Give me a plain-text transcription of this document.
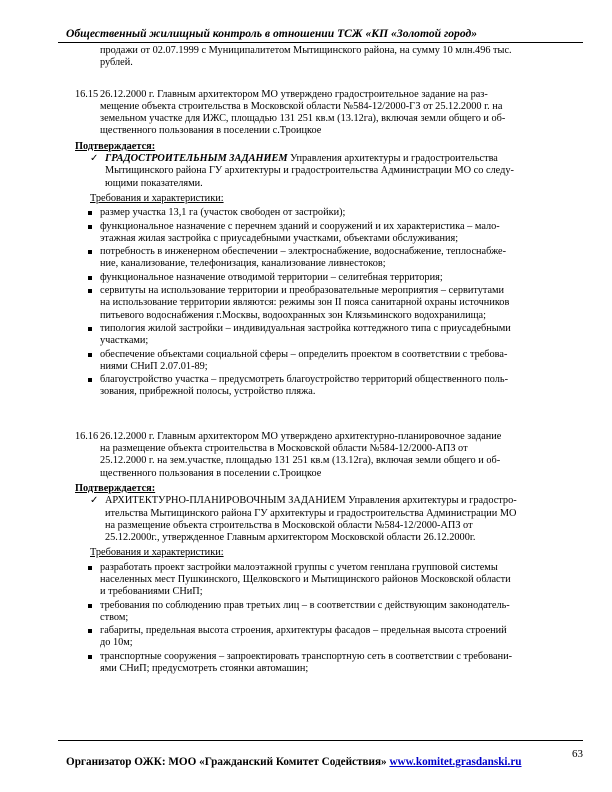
Общественный жилищный контроль в отношении ТСЖ «КП «Золотой город»
продажи от 02.07.1999 с Муниципалитетом Мытищинского района, на сумму 10 млн.496 тыс.
рублей.
16.15 26.12.2000 г. Главным архитектором МО утверждено градостроительное задание на раз-
мещение объекта строительства в Московской области №584-12/2000-ГЗ от 25.12.2000 г. на
земельном участке для ИЖС, площадью 131 251 кв.м (13.12га), включая земли общего и об-
щественного пользования в поселении с.Троицкое
Подтверждается:
✓ ГРАДОСТРОИТЕЛЬНЫМ ЗАДАНИЕМ Управления архитектуры и градостроительства
Мытищинского района ГУ архитектуры и градостроительства Администрации МО со следу-
ющими показателями.
Требования и характеристики:
размер участка 13,1 га (участок свободен от застройки);
функциональное назначение с перечнем зданий и сооружений и их характеристика – мало-
этажная жилая застройка с приусадебными участками, объектами обслуживания;
потребность в инженерном обеспечении – электроснабжение, водоснабжение, теплоснабже-
ние, канализование, телефонизация, канализование ливнестоков;
функциональное назначение отводимой территории – селитебная территория;
сервитуты на использование территории и преобразовательные мероприятия – сервитутами
на использование территории являются: режимы зон II пояса санитарной охраны источников
питьевого водоснабжения г.Москвы, водоохранных зон Клязьминского водохранилища;
типология жилой застройки – индивидуальная застройка коттеджного типа с приусадебными
участками;
обеспечение объектами социальной сферы – определить проектом в соответствии с требова-
ниями СНиП 2.07.01-89;
благоустройство участка – предусмотреть благоустройство территорий общественного поль-
зования, прибрежной полосы, устройство пляжа.
16.16 26.12.2000 г. Главным архитектором МО утверждено архитектурно-планировочное задание
на размещение объекта строительства в Московской области №584-12/2000-АПЗ от
25.12.2000 г. на зем.участке, площадью 131 251 кв.м (13.12га), включая земли общего и об-
щественного пользования в поселении с.Троицкое
Подтверждается:
✓ АРХИТЕКТУРНО-ПЛАНИРОВОЧНЫМ ЗАДАНИЕМ Управления архитектуры и градостро-
ительства Мытищинского района ГУ архитектуры и градостроительства Администрации МО
на размещение объекта строительства в Московской области №584-12/2000-АПЗ от
25.12.2000г., утвержденное Главным архитектором Московской области 26.12.2000г.
Требования и характеристики:
разработать проект застройки малоэтажной группы с учетом генплана групповой системы
населенных мест Пушкинского, Щелковского и Мытищинского районов Московской области
и требованиями СНиП;
требования по соблюдению прав третьих лиц – в соответствии с действующим законодатель-
ством;
габариты, предельная высота строения, архитектуры фасадов – предельная высота строений
до 10м;
транспортные сооружения – запроектировать транспортную сеть в соответствии с требовани-
ями СНиП; предусмотреть стоянки автомашин;
63
Организатор ОЖК: МОО «Гражданский Комитет Содействия» www.komitet.grasdanski.ru
